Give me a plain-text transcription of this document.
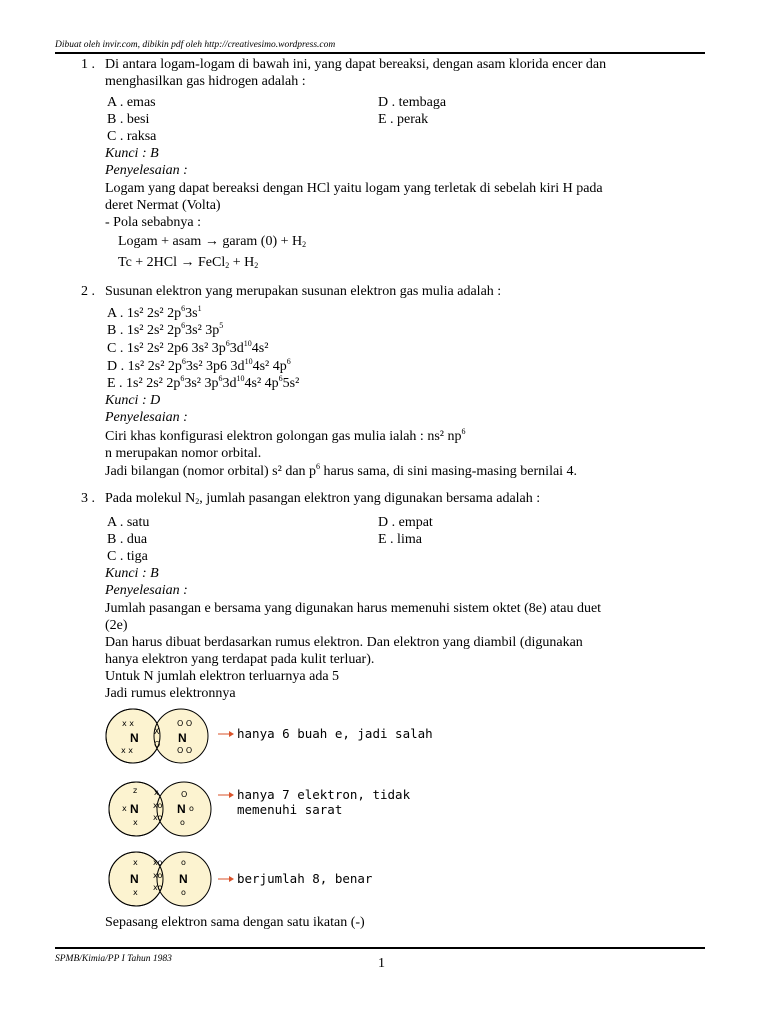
Dibuat oleh invir.com, dibikin pdf oleh http://creativesimo.wordpress.com
1 . Di antara logam-logam di bawah ini, yang dapat bereaksi, dengan asam klorida encer dan
menghasilkan gas hidrogen adalah :
A . emas	D . tembaga
B . besi	E . perak
C . raksa
Kunci : B
Penyelesaian :
Logam yang dapat bereaksi dengan HCl yaitu logam yang terletak di sebelah kiri H pada
deret Nermat (Volta)
- Pola sebabnya :
Logam + asam → garam $(0) + H_2$
Tc + 2HCl → FeCl$_2$ + $H_2$
2 . Susunan elektron yang merupakan susunan elektron gas mulia adalah :
A . 1s² 2s² $2p^63s^1$
B . 1s² 2s² $2p^63s^2$ $3p^5$
C . 1s² 2s² 2p6 3s² $3p^63d^{10}4s^2$
D . 1s² 2s² $2p^63s^2$ 3p6 $3d^{10}4s^2$ $4p^6$
E . 1s² 2s² $2p^63s^2$ $3p^63d^{10}4s^2$ $4p^65s^2$
Kunci : D
Penyelesaian :
Ciri khas konfigurasi elektron golongan gas mulia ialah : ns² $np^6$
n merupakan nomor orbital.
Jadi bilangan (nomor orbital) s² dan $p^6$ harus sama, di sini masing-masing bernilai 4.
3 . Pada molekul $N_2$, jumlah pasangan elektron yang digunakan bersama adalah :
A . satu	D . empat
B . dua	E . lima
C . tiga
Kunci : B
Penyelesaian :
Jumlah pasangan e bersama yang digunakan harus memenuhi sistem oktet (8e) atau duet
(2e)
Dan harus dibuat berdasarkan rumus elektron. Dan elektron yang diambil (digunakan
hanya elektron yang terdapat pada kulit terluar).
Untuk N jumlah elektron terluarnya ada 5
Jadi rumus elektronnya
x x
N
x x
X
O
O O
N
O O
hanya 6 buah e, jadi salah
z
x N
x
x
xo
xo
O
N o
o
hanya 7 elektron, tidak
memenuhi sarat
x
N
x
xo
xo
xo
o
N
o
berjumlah 8, benar
Sepasang elektron sama dengan satu ikatan (-)
SPMB/Kimia/PP I Tahun 1983	1
